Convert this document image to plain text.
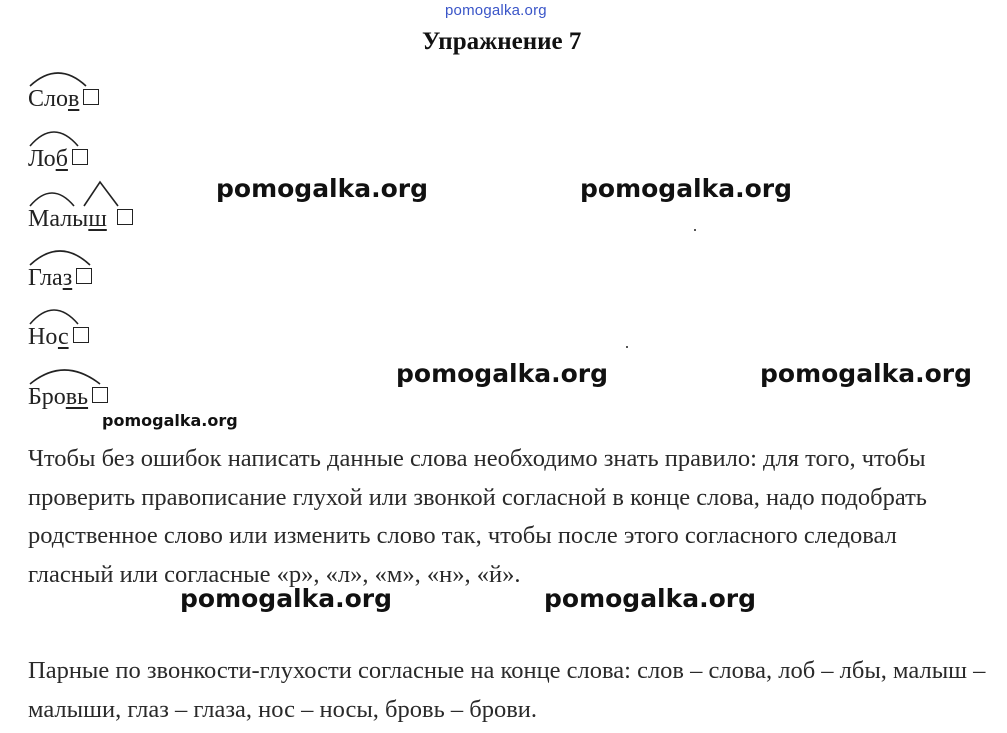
pomogalka.org
Упражнение 7
Слов
Лоб
Малыш
Глаз
Нос
Бровь
pomogalka.org	pomogalka.org
pomogalka.org	pomogalka.org
pomogalka.org
pomogalka.org	pomogalka.org
Чтобы без ошибок написать данные слова необходимо знать правило: для того, чтобы проверить правописание глухой или звонкой согласной в конце слова, надо подобрать родственное слово или изменить слово так, чтобы после этого согласного следовал гласный или согласные «р», «л», «м», «н», «й».
Парные по звонкости-глухости согласные на конце слова: слов – слова, лоб – лбы, малыш – малыши, глаз – глаза, нос – носы, бровь – брови.
